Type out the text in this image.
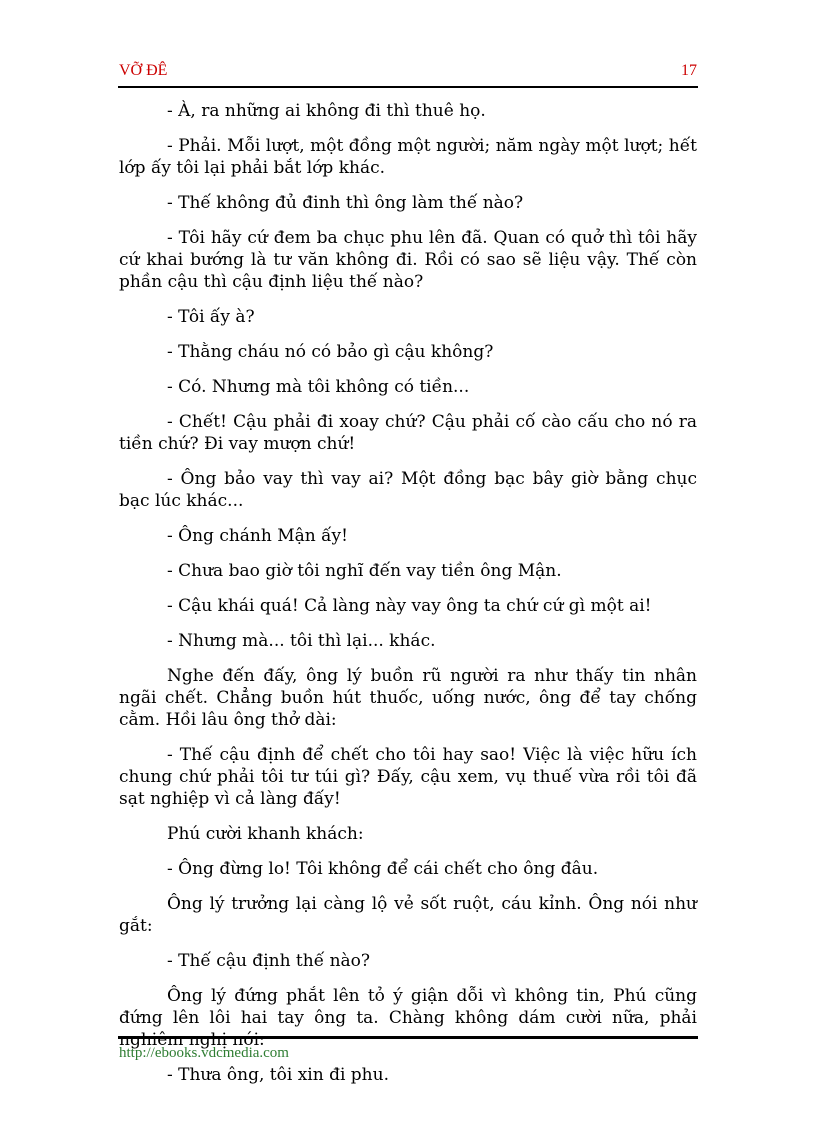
VỠ ĐÊ	17

- À, ra những ai không đi thì thuê họ.

- Phải. Mỗi lượt, một đồng một người; năm ngày một lượt; hết lớp ấy tôi lại phải bắt lớp khác.

- Thế không đủ đinh thì ông làm thế nào?

- Tôi hãy cứ đem ba chục phu lên đã. Quan có quở thì tôi hãy cứ khai bướng là tư văn không đi. Rồi có sao sẽ liệu vậy. Thế còn phần cậu thì cậu định liệu thế nào?

- Tôi ấy à?

- Thằng cháu nó có bảo gì cậu không?

- Có. Nhưng mà tôi không có tiền...

- Chết! Cậu phải đi xoay chứ? Cậu phải cố cào cấu cho nó ra tiền chứ? Đi vay mượn chứ!

- Ông bảo vay thì vay ai? Một đồng bạc bây giờ bằng chục bạc lúc khác...

- Ông chánh Mận ấy!

- Chưa bao giờ tôi nghĩ đến vay tiền ông Mận.

- Cậu khái quá! Cả làng này vay ông ta chứ cứ gì một ai!

- Nhưng mà... tôi thì lại... khác.

Nghe đến đấy, ông lý buồn rũ người ra như thấy tin nhân ngãi chết. Chẳng buồn hút thuốc, uống nước, ông để tay chống cằm. Hồi lâu ông thở dài:

- Thế cậu định để chết cho tôi hay sao! Việc là việc hữu ích chung chứ phải tôi tư túi gì? Đấy, cậu xem, vụ thuế vừa rồi tôi đã sạt nghiệp vì cả làng đấy!

Phú cười khanh khách:

- Ông đừng lo! Tôi không để cái chết cho ông đâu.

Ông lý trưởng lại càng lộ vẻ sốt ruột, cáu kỉnh. Ông nói như gắt:

- Thế cậu định thế nào?

Ông lý đứng phắt lên tỏ ý giận dỗi vì không tin, Phú cũng đứng lên lôi hai tay ông ta. Chàng không dám cười nữa, phải nghiêm nghị nói:

- Thưa ông, tôi xin đi phu.

http://ebooks.vdcmedia.com
